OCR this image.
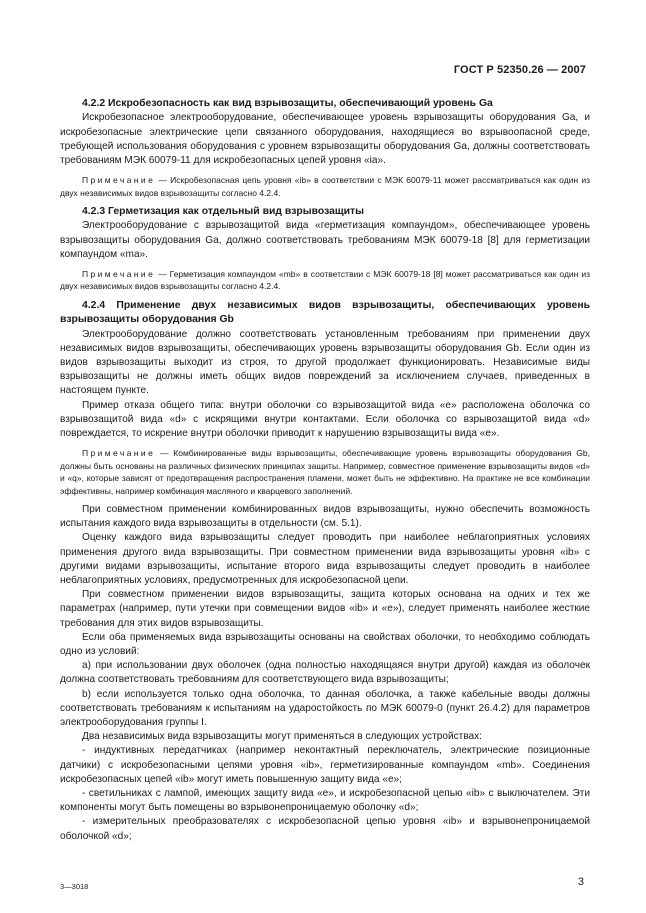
ГОСТ Р 52350.26 — 2007
4.2.2 Искробезопасность как вид взрывозащиты, обеспечивающий уровень Ga

Искробезопасное электрооборудование, обеспечивающее уровень взрывозащиты оборудования Ga, и искробезопасные электрические цепи связанного оборудования, находящиеся во взрывоопасной среде, требующей использования оборудования с уровнем взрывозащиты оборудования Ga, должны соответствовать требованиям МЭК 60079-11 для искробезопасных цепей уровня «ia».

Примечание — Искробезопасная цепь уровня «ib» в соответствии с МЭК 60079-11 может рассматриваться как один из двух независимых видов взрывозащиты согласно 4.2.4.

4.2.3 Герметизация как отдельный вид взрывозащиты

Электрооборудование с взрывозащитой вида «герметизация компаундом», обеспечивающее уровень взрывозащиты оборудования Ga, должно соответствовать требованиям МЭК 60079-18 [8] для герметизации компаундом «ma».

Примечание — Герметизация компаундом «mb» в соответствии с МЭК 60079-18 [8] может рассматриваться как один из двух независимых видов взрывозащиты согласно 4.2.4.

4.2.4 Применение двух независимых видов взрывозащиты, обеспечивающих уровень взрывозащиты оборудования Gb

Электрооборудование должно соответствовать установленным требованиям при применении двух независимых видов взрывозащиты, обеспечивающих уровень взрывозащиты оборудования Gb. Если один из видов взрывозащиты выходит из строя, то другой продолжает функционировать. Независимые виды взрывозащиты не должны иметь общих видов повреждений за исключением случаев, приведенных в настоящем пункте.

Пример отказа общего типа: внутри оболочки со взрывозащитой вида «е» расположена оболочка со взрывозащитой вида «d» с искрящими внутри контактами. Если оболочка со взрывозащитой вида «d» повреждается, то искрение внутри оболочки приводит к нарушению взрывозащиты вида «е».

Примечание — Комбинированные виды взрывозащиты, обеспечивающие уровень взрывозащиты оборудования Gb, должны быть основаны на различных физических принципах защиты. Например, совместное применение взрывозащиты видов «d» и «q», которые зависят от предотвращения распространения пламени, может быть не эффективно. На практике не все комбинации эффективны, например комбинация масляного и кварцевого заполнений.

При совместном применении комбинированных видов взрывозащиты, нужно обеспечить возможность испытания каждого вида взрывозащиты в отдельности (см. 5.1).

Оценку каждого вида взрывозащиты следует проводить при наиболее неблагоприятных условиях применения другого вида взрывозащиты. При совместном применении вида взрывозащиты уровня «ib» с другими видами взрывозащиты, испытание второго вида взрывозащиты следует проводить в наиболее неблагоприятных условиях, предусмотренных для искробезопасной цепи.

При совместном применении видов взрывозащиты, защита которых основана на одних и тех же параметрах (например, пути утечки при совмещении видов «ib» и «е»), следует применять наиболее жесткие требования для этих видов взрывозащиты.

Если оба применяемых вида взрывозащиты основаны на свойствах оболочки, то необходимо соблюдать одно из условий:

а) при использовании двух оболочек (одна полностью находящаяся внутри другой) каждая из оболочек должна соответствовать требованиям для соответствующего вида взрывозащиты;

b) если используется только одна оболочка, то данная оболочка, а также кабельные вводы должны соответствовать требованиям к испытаниям на ударостойкость по МЭК 60079-0 (пункт 26.4.2) для параметров электрооборудования группы I.

Два независимых вида взрывозащиты могут применяться в следующих устройствах:

- индуктивных передатчиках (например неконтактный переключатель, электрические позиционные датчики) с искробезопасными цепями уровня «ib», герметизированные компаундом «mb». Соединения искробезопасных цепей «ib» могут иметь повышенную защиту вида «е»;

- светильниках с лампой, имеющих защиту вида «е», и искробезопасной цепью «ib» с выключателем. Эти компоненты могут быть помещены во взрывонепроницаемую оболочку «d»;

- измерительных преобразователях с искробезопасной цепью уровня «ib» и взрывонепроницаемой оболочкой «d»;

3—3018	3
